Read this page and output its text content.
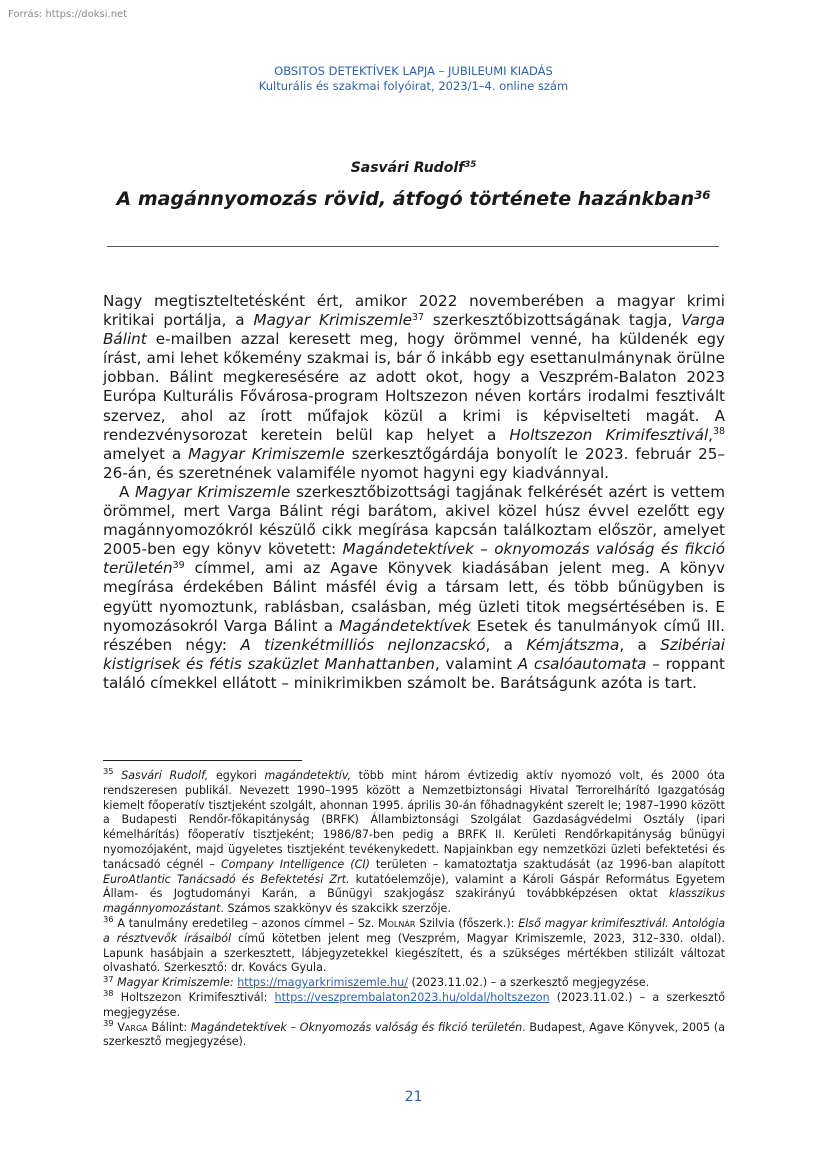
Forrás: https://doksi.net
OBSITOS DETEKTÍVEK LAPJA – JUBILEUMI KIADÁS
Kulturális és szakmai folyóirat, 2023/1–4. online szám
Sasvári Rudolf$^{35}$
A magánnyomozás rövid, átfogó története hazánkban$^{36}$

Nagy megtiszteltetésként ért, amikor 2022 novemberében a magyar krimi kritikai portálja, a Magyar Krimiszemle$^{37}$ szerkesztőbizottságának tagja, Varga Bálint e-mailben azzal keresett meg, hogy örömmel venné, ha küldenék egy írást, ami lehet kőkemény szakmai is, bár ő inkább egy esettanulmánynak örülne jobban. Bálint megkeresésére az adott okot, hogy a Veszprém-Balaton 2023 Európa Kulturális Fővárosa-program Holtszezon néven kortárs irodalmi fesztivált szervez, ahol az írott műfajok közül a krimi is képviselteti magát. A rendezvénysorozat keretein belül kap helyet a Holtszezon Krimifesztivál,$^{38}$ amelyet a Magyar Krimiszemle szerkesztőgárdája bonyolít le 2023. február 25–26-án, és szeretnének valamiféle nyomot hagyni egy kiadvánnyal.

A Magyar Krimiszemle szerkesztőbizottsági tagjának felkérését azért is vettem örömmel, mert Varga Bálint régi barátom, akivel közel húsz évvel ezelőtt egy magánnyomozókról készülő cikk megírása kapcsán találkoztam először, amelyet 2005-ben egy könyv követett: Magándetektívek – oknyomozás valóság és fikció területén$^{39}$ címmel, ami az Agave Könyvek kiadásában jelent meg. A könyv megírása érdekében Bálint másfél évig a társam lett, és több bűnügyben is együtt nyomoztunk, rablásban, csalásban, még üzleti titok megsértésében is. E nyomozásokról Varga Bálint a Magándetektívek Esetek és tanulmányok című III. részében négy: A tizenkétmilliós nejlonzacskó, a Kémjátszma, a Szibériai kistigrisek és fétis szaküzlet Manhattanben, valamint A csalóautomata – roppant találó címekkel ellátott – minikrimikben számolt be. Barátságunk azóta is tart.

$^{35}$ Sasvári Rudolf, egykori magándetektív, több mint három évtizedig aktív nyomozó volt, és 2000 óta rendszeresen publikál. Nevezett 1990–1995 között a Nemzetbiztonsági Hivatal Terrorelhárító Igazgatóság kiemelt főoperatív tisztjeként szolgált, ahonnan 1995. április 30-án főhadnagyként szerelt le; 1987–1990 között a Budapesti Rendőr-főkapitányság (BRFK) Állambiztonsági Szolgálat Gazdaságvédelmi Osztály (ipari kémelhárítás) főoperatív tisztjeként; 1986/87-ben pedig a BRFK II. Kerületi Rendőrkapitányság bűnügyi nyomozójaként, majd ügyeletes tisztjeként tevékenykedett. Napjainkban egy nemzetközi üzleti befektetési és tanácsadó cégnél – Company Intelligence (CI) területen – kamatoztatja szaktudását (az 1996-ban alapított EuroAtlantic Tanácsadó és Befektetési Zrt. kutatóelemzője), valamint a Károli Gáspár Református Egyetem Állam- és Jogtudományi Karán, a Bűnügyi szakjogász szakirányú továbbképzésen oktat klasszikus magánnyomozástant. Számos szakkönyv és szakcikk szerzője.

$^{36}$ A tanulmány eredetileg – azonos címmel – Sz. Molnár Szilvia (főszerk.): Első magyar krimifesztivál. Antológia a résztvevők írásaiból című kötetben jelent meg (Veszprém, Magyar Krimiszemle, 2023, 312–330. oldal). Lapunk hasábjain a szerkesztett, lábjegyzetekkel kiegészített, és a szükséges mértékben stilizált változat olvasható. Szerkesztő: dr. Kovács Gyula.

$^{37}$ Magyar Krimiszemle: https://magyarkrimiszemle.hu/ (2023.11.02.) – a szerkesztő megjegyzése.

$^{38}$ Holtszezon Krimifesztivál: https://veszprembalaton2023.hu/oldal/holtszezon (2023.11.02.) – a szerkesztő megjegyzése.

$^{39}$ Varga Bálint: Magándetektívek – Oknyomozás valóság és fikció területén. Budapest, Agave Könyvek, 2005 (a szerkesztő megjegyzése).

21
